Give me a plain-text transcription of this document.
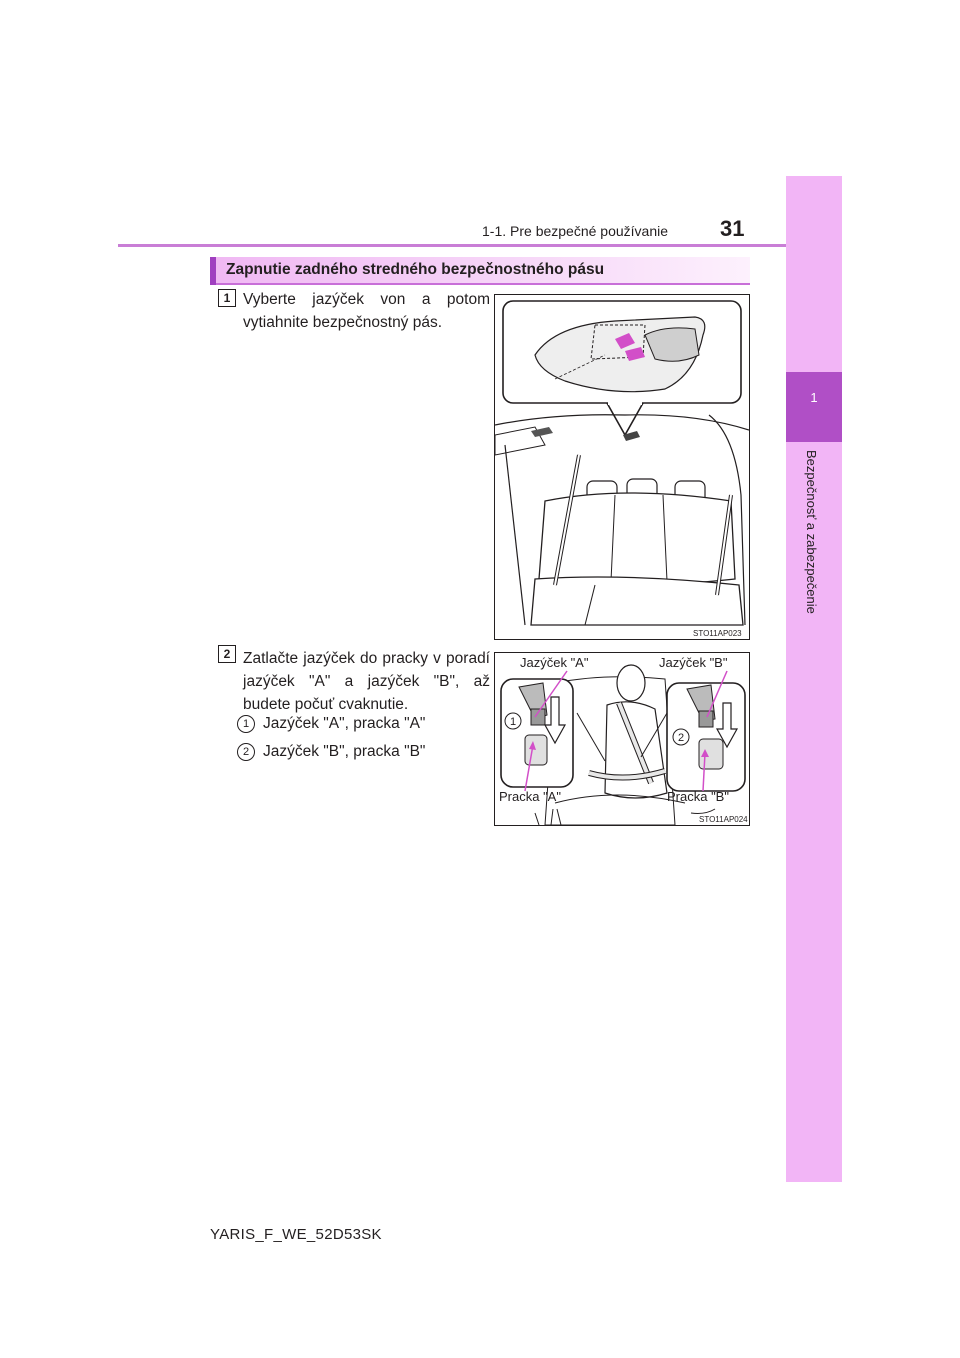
1
Bezpečnosť a zabezpečenie
1-1. Pre bezpečné používanie 31
Zapnutie zadného stredného bezpečnostného pásu
1 Vyberte jazýček von a potom vytiahnite bezpečnostný pás.
STO11AP023
2 Zatlačte jazýček do pracky v poradí jazýček "A" a jazýček "B", až budete počuť cvaknutie.
1 Jazýček "A", pracka "A"
2 Jazýček "B", pracka "B"
1
2
Jazýček "A"	Jazýček "B"
Pracka "A"	Pracka "B"
STO11AP024
YARIS_F_WE_52D53SK
